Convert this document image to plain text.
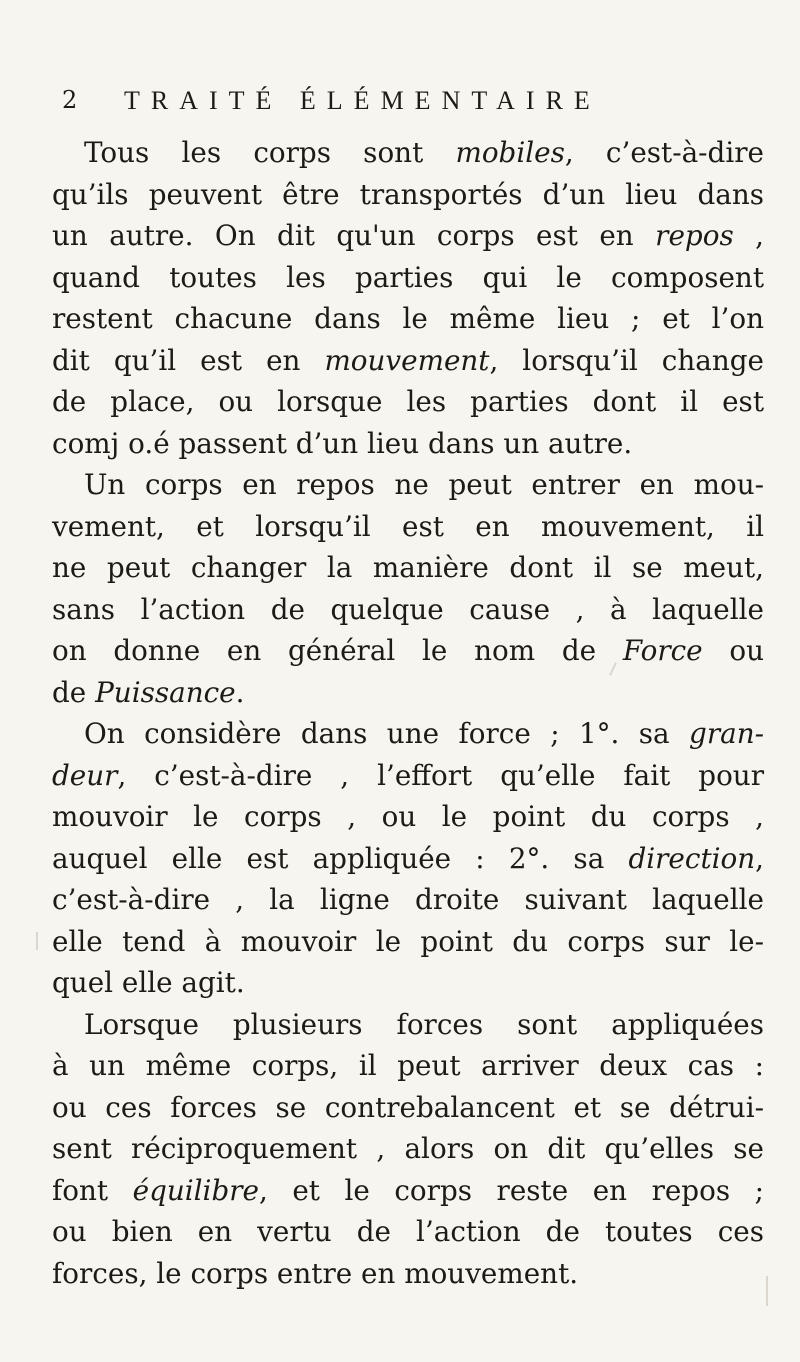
2 TRAITÉ ÉLÉMENTAIRE
Tous les corps sont mobiles, c’est-à-dire
qu’ils peuvent être transportés d’un lieu dans
un autre. On dit qu'un corps est en repos ,
quand toutes les parties qui le composent
restent chacune dans le même lieu ; et l’on
dit qu’il est en mouvement, lorsqu’il change
de place, ou lorsque les parties dont il est
comj o.é passent d’un lieu dans un autre.
Un corps en repos ne peut entrer en mou-
vement, et lorsqu’il est en mouvement, il
ne peut changer la manière dont il se meut,
sans l’action de quelque cause , à laquelle
on donne en général le nom de Force ou
de Puissance.
On considère dans une force ; 1°. sa gran-
deur, c’est-à-dire , l’effort qu’elle fait pour
mouvoir le corps , ou le point du corps ,
auquel elle est appliquée : 2°. sa direction,
c’est-à-dire , la ligne droite suivant laquelle
elle tend à mouvoir le point du corps sur le-
quel elle agit.
Lorsque plusieurs forces sont appliquées
à un même corps, il peut arriver deux cas :
ou ces forces se contrebalancent et se détrui-
sent réciproquement , alors on dit qu’elles se
font équilibre, et le corps reste en repos ;
ou bien en vertu de l’action de toutes ces
forces, le corps entre en mouvement.
